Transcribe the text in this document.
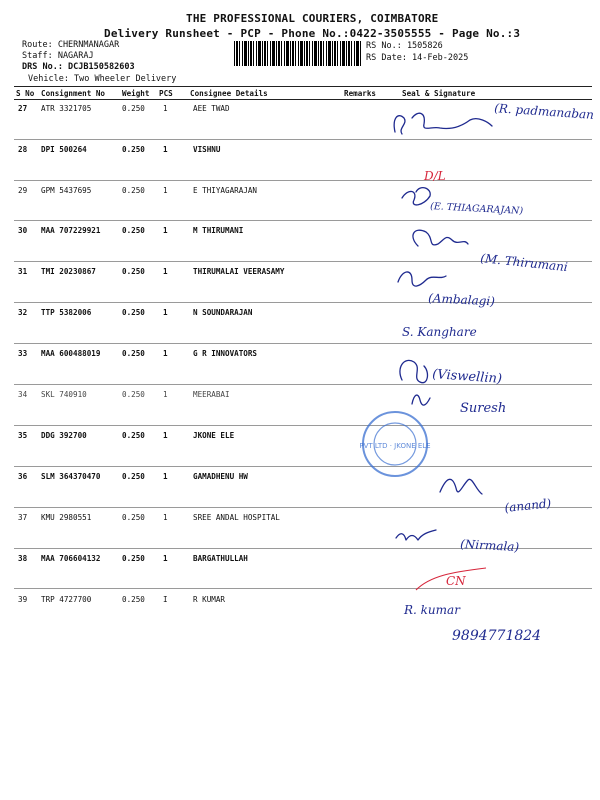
THE PROFESSIONAL COURIERS, COIMBATORE
Delivery Runsheet - PCP - Phone No.:0422-3505555 - Page No.:3
Route: CHERNMANAGAR
Staff: NAGARAJ
DRS No.: DCJB150582603
Vehicle: Two Wheeler Delivery
RS No.: 1505826
RS Date: 14-Feb-2025
S No Consignment No Weight PCS Consignee Details	Remarks	Seal & Signature
27 ATR 3321705	0.250 1	AEE TWAD
28 DPI 500264	0.250 1	VISHNU
29 GPM 5437695	0.250 1	E THIYAGARAJAN
30 MAA 707229921	0.250 1	M THIRUMANI
31 TMI 20230867	0.250 1	THIRUMALAI VEERASAMY
32 TTP 5382006	0.250 1	N SOUNDARAJAN
33 MAA 600488019	0.250 1	G R INNOVATORS
34 SKL 740910	0.250 1	MEERABAI
35 DDG 392700	0.250 1	JKONE ELE
36 SLM 364370470	0.250 1	GAMADHENU HW
37 KMU 2980551	0.250 1	SREE ANDAL HOSPITAL
38 MAA 706604132	0.250 1	BARGATHULLAH
39 TRP 4727700	0.250 I	R KUMAR
PVT LTD · JKONE ELE
(R. padmanaban
(E. THIAGARAJAN)
(M. Thirumani
(Ambalagi)
S. Kanghare
(Viswellin)
Suresh
(anand)
(Nirmala)
R. kumar
9894771824
D/L
CN
